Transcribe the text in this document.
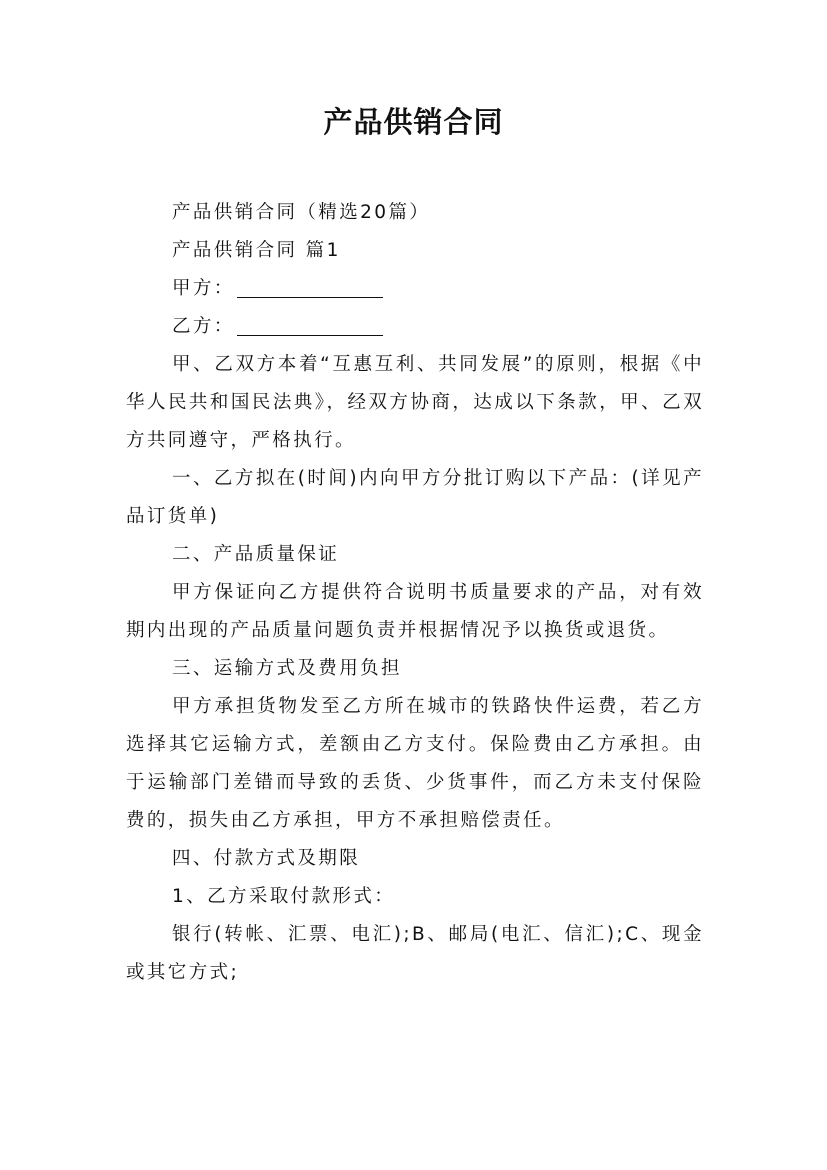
产品供销合同

产品供销合同（精选20篇）

产品供销合同 篇1

甲方：

乙方：

甲、乙双方本着“互惠互利、共同发展”的原则，根据《中华人民共和国民法典》，经双方协商，达成以下条款，甲、乙双方共同遵守，严格执行。

一、乙方拟在(时间)内向甲方分批订购以下产品：(详见产品订货单)

二、产品质量保证

甲方保证向乙方提供符合说明书质量要求的产品，对有效期内出现的产品质量问题负责并根据情况予以换货或退货。

三、运输方式及费用负担

甲方承担货物发至乙方所在城市的铁路快件运费，若乙方选择其它运输方式，差额由乙方支付。保险费由乙方承担。由于运输部门差错而导致的丢货、少货事件，而乙方未支付保险费的，损失由乙方承担，甲方不承担赔偿责任。

四、付款方式及期限

1、乙方采取付款形式：

银行(转帐、汇票、电汇);B、邮局(电汇、信汇);C、现金或其它方式;
